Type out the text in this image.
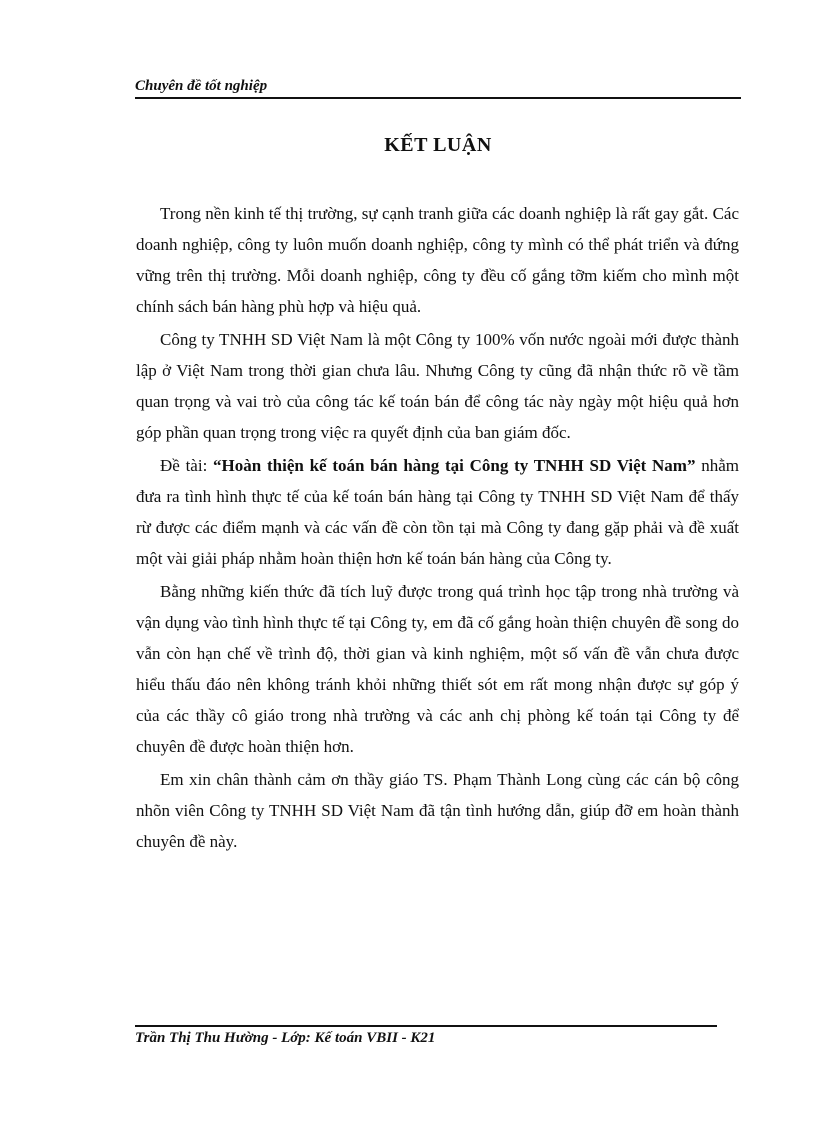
Chuyên đề tốt nghiệp
KẾT LUẬN

Trong nền kinh tế thị trường, sự cạnh tranh giữa các doanh nghiệp là rất gay gắt. Các doanh nghiệp, công ty luôn muốn doanh nghiệp, công ty mình có thể phát triển và đứng vững trên thị trường. Mỗi doanh nghiệp, công ty đều cố gắng tỡm kiếm cho mình một chính sách bán hàng phù hợp và hiệu quả.

Công ty TNHH SD Việt Nam là một Công ty 100% vốn nước ngoài mới được thành lập ở Việt Nam trong thời gian chưa lâu. Nhưng Công ty cũng đã nhận thức rõ về tầm quan trọng và vai trò của công tác kế toán bán để công tác này ngày một hiệu quả hơn góp phần quan trọng trong việc ra quyết định của ban giám đốc.

Đề tài: “Hoàn thiện kế toán bán hàng tại Công ty TNHH SD Việt Nam” nhằm đưa ra tình hình thực tế của kế toán bán hàng tại Công ty TNHH SD Việt Nam để thấy rừ được các điểm mạnh và các vấn đề còn tồn tại mà Công ty đang gặp phải và đề xuất một vài giải pháp nhằm hoàn thiện hơn kế toán bán hàng của Công ty.

Bằng những kiến thức đã tích luỹ được trong quá trình học tập trong nhà trường và vận dụng vào tình hình thực tế tại Công ty, em đã cố gắng hoàn thiện chuyên đề song do vẫn còn hạn chế về trình độ, thời gian và kinh nghiệm, một số vấn đề vẫn chưa được hiểu thấu đáo nên không tránh khỏi những thiết sót em rất mong nhận được sự góp ý của các thầy cô giáo trong nhà trường và các anh chị phòng kế toán tại Công ty để chuyên đề được hoàn thiện hơn.

Em xin chân thành cảm ơn thầy giáo TS. Phạm Thành Long cùng các cán bộ công nhõn viên Công ty TNHH SD Việt Nam đã tận tình hướng dẫn, giúp đỡ em hoàn thành chuyên đề này.

Trần Thị Thu Hường - Lớp: Kế toán VBII - K21
